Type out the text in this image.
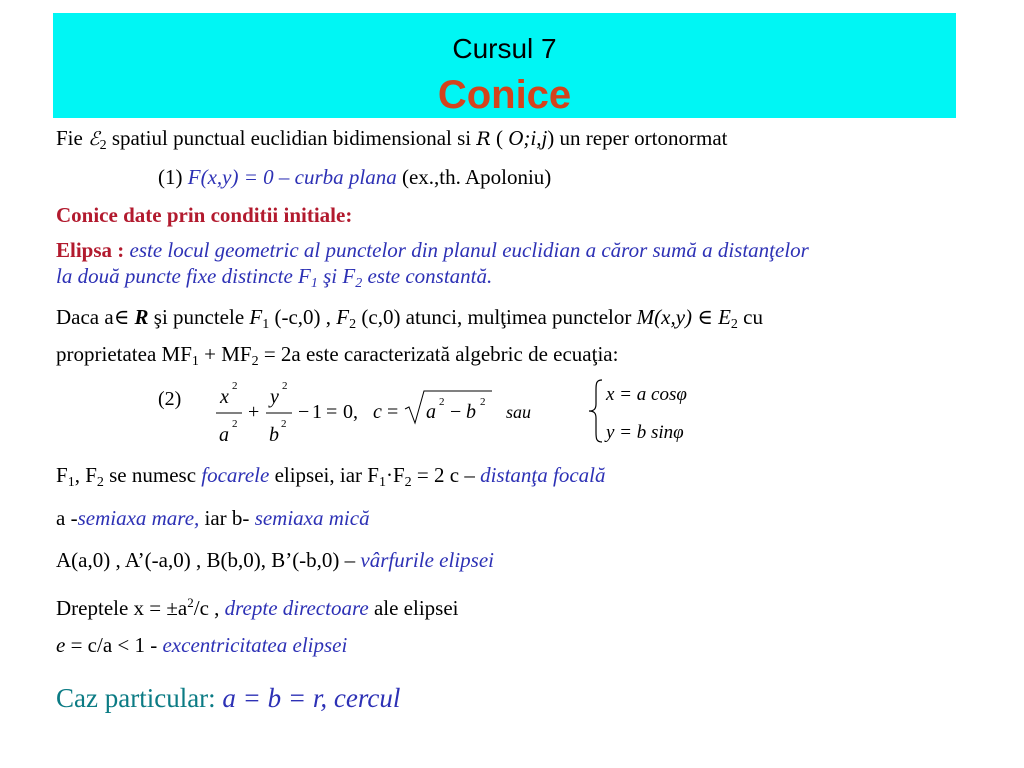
Cursul 7
Conice
Fie ℰ$_2$ spatiul punctual euclidian bidimensional si R ( O;i,j) un reper ortonormat
(1) F(x,y) = 0 – curba plana (ex.,th. Apoloniu)
Conice date prin conditii initiale:
Elipsa : este locul geometric al punctelor din planul euclidian a căror sumă a distanţelor
la două puncte fixe distincte $F_1$ şi $F_2$ este constantă.
Daca a∈ R şi punctele $F_1$ (-c,0) , $F_2$ (c,0) atunci, mulţimea punctelor M(x,y) ∈ $E_2$ cu
proprietatea $MF_1 + MF_2 = 2a$ este caracterizată algebric de ecuaţia:
(2) x 2
a 2
+
y 2
b 2
− 1 = 0, c = a 2 − b 2 sau
x = a cosφ
y = b sinφ
$F_1$, $F_2$ se numesc focarele elipsei, iar $F_1\cdot F_2 = 2$ c – distanţa focală
a -semiaxa mare, iar b- semiaxa mică
A(a,0) , A’(-a,0) , B(b,0), B’(-b,0) – vârfurile elipsei
Dreptele $x = \pm a^2/c$ , drepte directoare ale elipsei
e = c/a < 1 - excentricitatea elipsei
Caz particular: a = b = r, cercul
